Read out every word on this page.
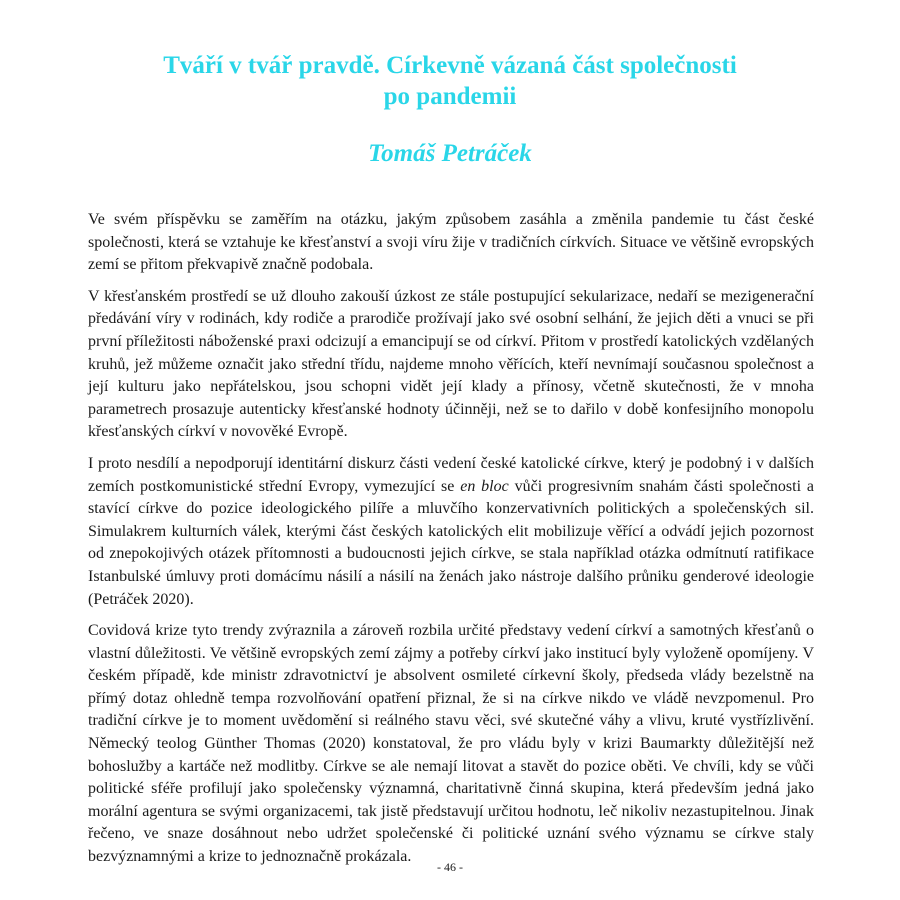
Tváří v tvář pravdě. Církevně vázaná část společnosti
po pandemii
Tomáš Petráček

Ve svém příspěvku se zaměřím na otázku, jakým způsobem zasáhla a změnila pandemie tu část české společnosti, která se vztahuje ke křesťanství a svoji víru žije v tradičních církvích. Situace ve většině evropských zemí se přitom překvapivě značně podobala.

V křesťanském prostředí se už dlouho zakouší úzkost ze stále postupující sekularizace, nedaří se mezigenerační předávání víry v rodinách, kdy rodiče a prarodiče prožívají jako své osobní selhání, že jejich děti a vnuci se při první příležitosti náboženské praxi odcizují a emancipují se od církví. Přitom v prostředí katolických vzdělaných kruhů, jež můžeme označit jako střední třídu, najdeme mnoho věřících, kteří nevnímají současnou společnost a její kulturu jako nepřátelskou, jsou schopni vidět její klady a přínosy, včetně skutečnosti, že v mnoha parametrech prosazuje autenticky křesťanské hodnoty účinněji, než se to dařilo v době konfesijního monopolu křesťanských církví v novověké Evropě.

I proto nesdílí a nepodporují identitární diskurz části vedení české katolické církve, který je podobný i v dalších zemích postkomunistické střední Evropy, vymezující se en bloc vůči progresivním snahám části společnosti a stavící církve do pozice ideologického pilíře a mluvčího konzervativních politických a společenských sil. Simulakrem kulturních válek, kterými část českých katolických elit mobilizuje věřící a odvádí jejich pozornost od znepokojivých otázek přítomnosti a budoucnosti jejich církve, se stala například otázka odmítnutí ratifikace Istanbulské úmluvy proti domácímu násilí a násilí na ženách jako nástroje dalšího průniku genderové ideologie (Petráček 2020).

Covidová krize tyto trendy zvýraznila a zároveň rozbila určité představy vedení církví a samotných křesťanů o vlastní důležitosti. Ve většině evropských zemí zájmy a potřeby církví jako institucí byly vyloženě opomíjeny. V českém případě, kde ministr zdravotnictví je absolvent osmileté církevní školy, předseda vlády bezelstně na přímý dotaz ohledně tempa rozvolňování opatření přiznal, že si na církve nikdo ve vládě nevzpomenul. Pro tradiční církve je to moment uvědomění si reálného stavu věci, své skutečné váhy a vlivu, kruté vystřízlivění. Německý teolog Günther Thomas (2020) konstatoval, že pro vládu byly v krizi Baumarkty důležitější než bohoslužby a kartáče než modlitby. Církve se ale nemají litovat a stavět do pozice oběti. Ve chvíli, kdy se vůči politické sféře profilují jako společensky významná, charitativně činná skupina, která především jedná jako morální agentura se svými organizacemi, tak jistě představují určitou hodnotu, leč nikoliv nezastupitelnou. Jinak řečeno, ve snaze dosáhnout nebo udržet společenské či politické uznání svého významu se církve staly bezvýznamnými a krize to jednoznačně prokázala.

- 46 -
